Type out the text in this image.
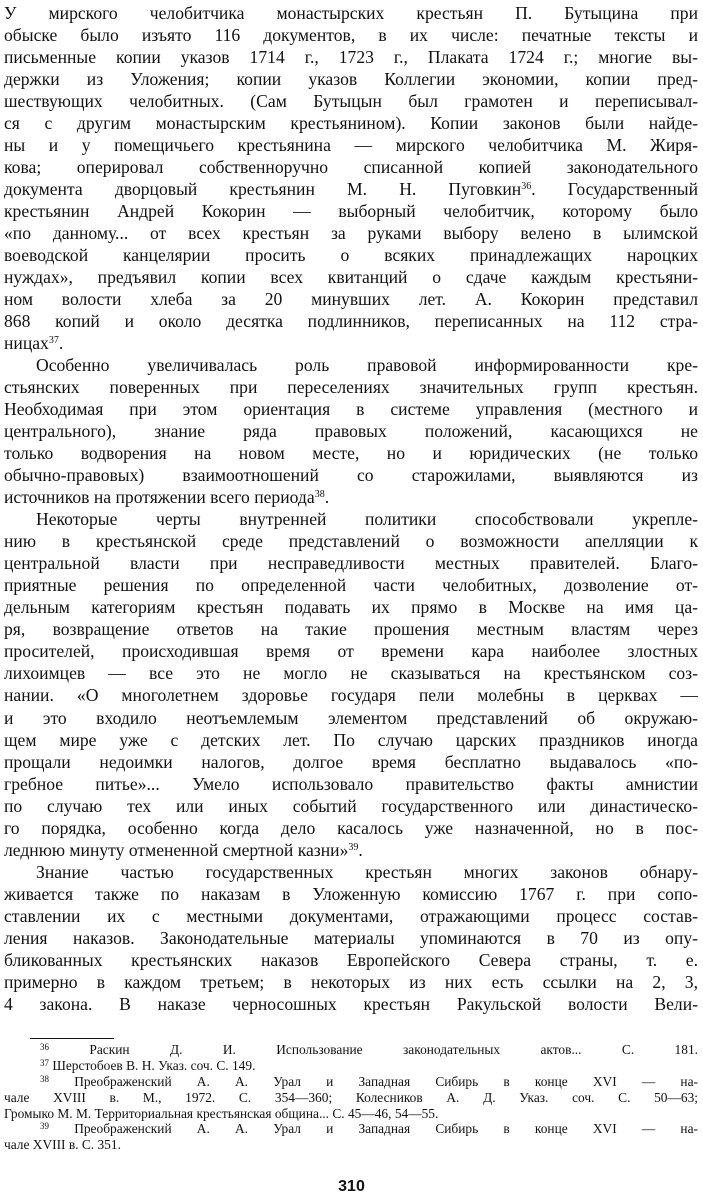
У мирского челобитчика монастырских крестьян П. Бутыцина при
обыске было изъято 116 документов, в их числе: печатные тексты и
письменные копии указов 1714 г., 1723 г., Плаката 1724 г.; многие вы-
держки из Уложения; копии указов Коллегии экономии, копии пред-
шествующих челобитных. (Сам Бутыцын был грамотен и переписывал-
ся с другим монастырским крестьянином). Копии законов были найде-
ны и у помещичьего крестьянина — мирского челобитчика М. Жиря-
кова; оперировал собственноручно списанной копией законодательного
документа дворцовый крестьянин М. Н. Пуговкин$^{36}$. Государственный
крестьянин Андрей Кокорин — выборный челобитчик, которому было
«по данному... от всех крестьян за руками выбору велено в ылимской
воеводской канцелярии просить о всяких принадлежащих нароцких
нуждах», предъявил копии всех квитанций о сдаче каждым крестьяни-
ном волости хлеба за 20 минувших лет. А. Кокорин представил
868 копий и около десятка подлинников, переписанных на 112 стра-
ницах$^{37}$.
Особенно увеличивалась роль правовой информированности кре-
стьянских поверенных при переселениях значительных групп крестьян.
Необходимая при этом ориентация в системе управления (местного и
центрального), знание ряда правовых положений, касающихся не
только водворения на новом месте, но и юридических (не только
обычно-правовых) взаимоотношений со старожилами, выявляются из
источников на протяжении всего периода$^{38}$.
Некоторые черты внутренней политики способствовали укрепле-
нию в крестьянской среде представлений о возможности апелляции к
центральной власти при несправедливости местных правителей. Благо-
приятные решения по определенной части челобитных, дозволение от-
дельным категориям крестьян подавать их прямо в Москве на имя ца-
ря, возвращение ответов на такие прошения местным властям через
просителей, происходившая время от времени кара наиболее злостных
лихоимцев — все это не могло не сказываться на крестьянском соз-
нании. «О многолетнем здоровье государя пели молебны в церквах —
и это входило неотъемлемым элементом представлений об окружаю-
щем мире уже с детских лет. По случаю царских праздников иногда
прощали недоимки налогов, долгое время бесплатно выдавалось «по-
гребное питье»... Умело использовало правительство факты амнистии
по случаю тех или иных событий государственного или династическо-
го порядка, особенно когда дело касалось уже назначенной, но в пос-
леднюю минуту отмененной смертной казни»$^{39}$.
Знание частью государственных крестьян многих законов обнару-
живается также по наказам в Уложенную комиссию 1767 г. при сопо-
ставлении их с местными документами, отражающими процесс состав-
ления наказов. Законодательные материалы упоминаются в 70 из опу-
бликованных крестьянских наказов Европейского Севера страны, т. е.
примерно в каждом третьем; в некоторых из них есть ссылки на 2, 3,
4 закона. В наказе черносошных крестьян Ракульской волости Вели-
$^{36}$	Раскин Д. И. Использование законодательных актов... С. 181.
$^{37}$ Шерстобоев В. Н. Указ. соч. С. 149.
$^{38}$ Преображенский А. А. Урал и Западная Сибирь в конце XVI — на-
чале XVIII в. М., 1972. С. 354—360; Колесников А. Д. Указ. соч. С. 50—63;
Громыко М. М. Территориальная крестьянская община... С. 45—46, 54—55.
$^{39}$ Преображенский А. А. Урал и Западная Сибирь в конце XVI — на-
чале XVIII в. С. 351.
310
